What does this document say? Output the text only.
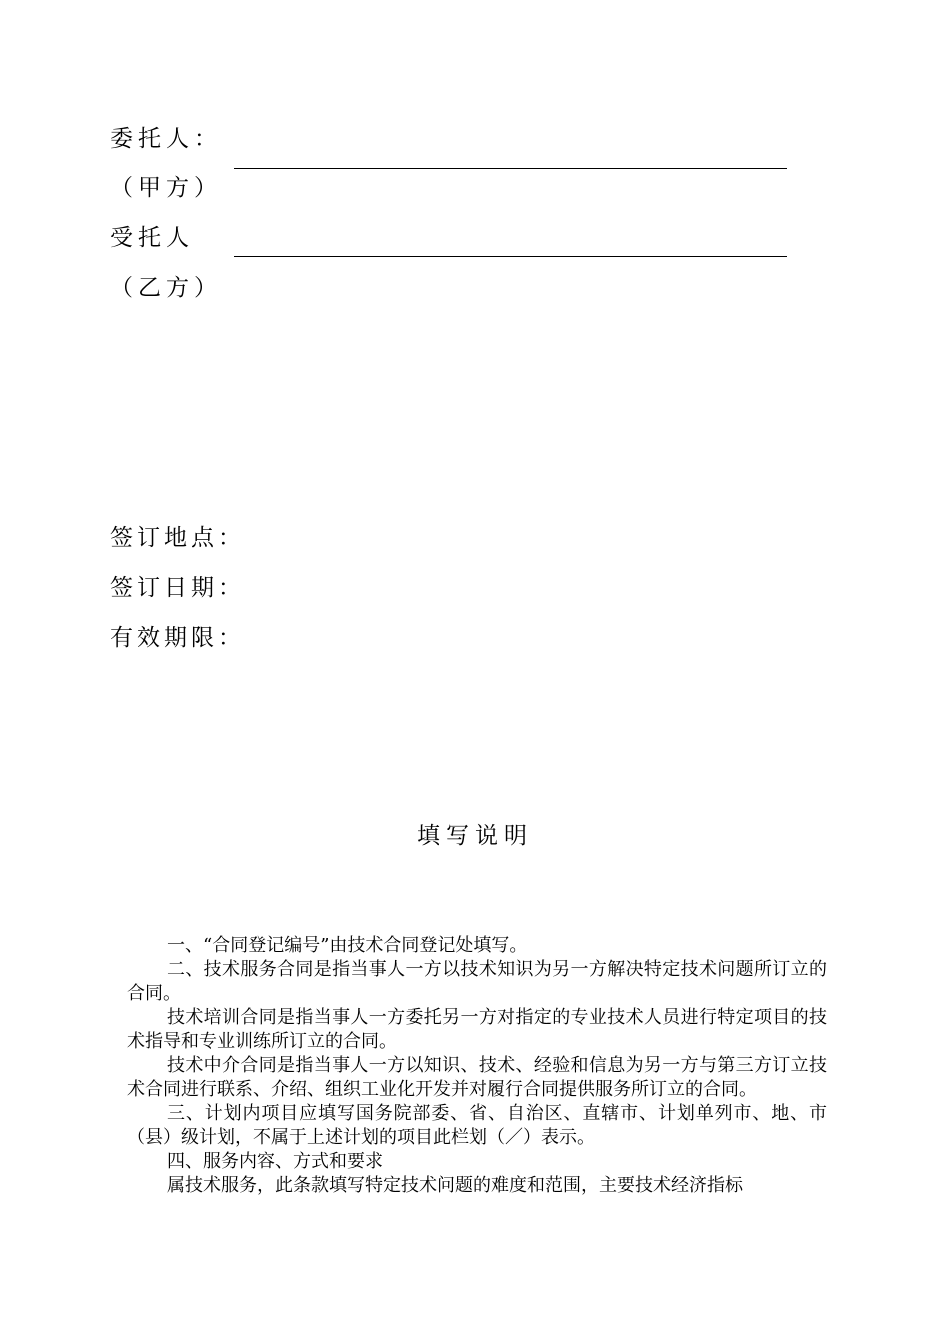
委托人：
（甲方）
受托人
（乙方）
签订地点：
签订日期：
有效期限：
填写说明

一、“合同登记编号”由技术合同登记处填写。

二、技术服务合同是指当事人一方以技术知识为另一方解决特定技术问题所订立的合同。

技术培训合同是指当事人一方委托另一方对指定的专业技术人员进行特定项目的技术指导和专业训练所订立的合同。

技术中介合同是指当事人一方以知识、技术、经验和信息为另一方与第三方订立技术合同进行联系、介绍、组织工业化开发并对履行合同提供服务所订立的合同。

三、计划内项目应填写国务院部委、省、自治区、直辖市、计划单列市、地、市（县）级计划，不属于上述计划的项目此栏划（／）表示。

四、服务内容、方式和要求

属技术服务，此条款填写特定技术问题的难度和范围，主要技术经济指标
